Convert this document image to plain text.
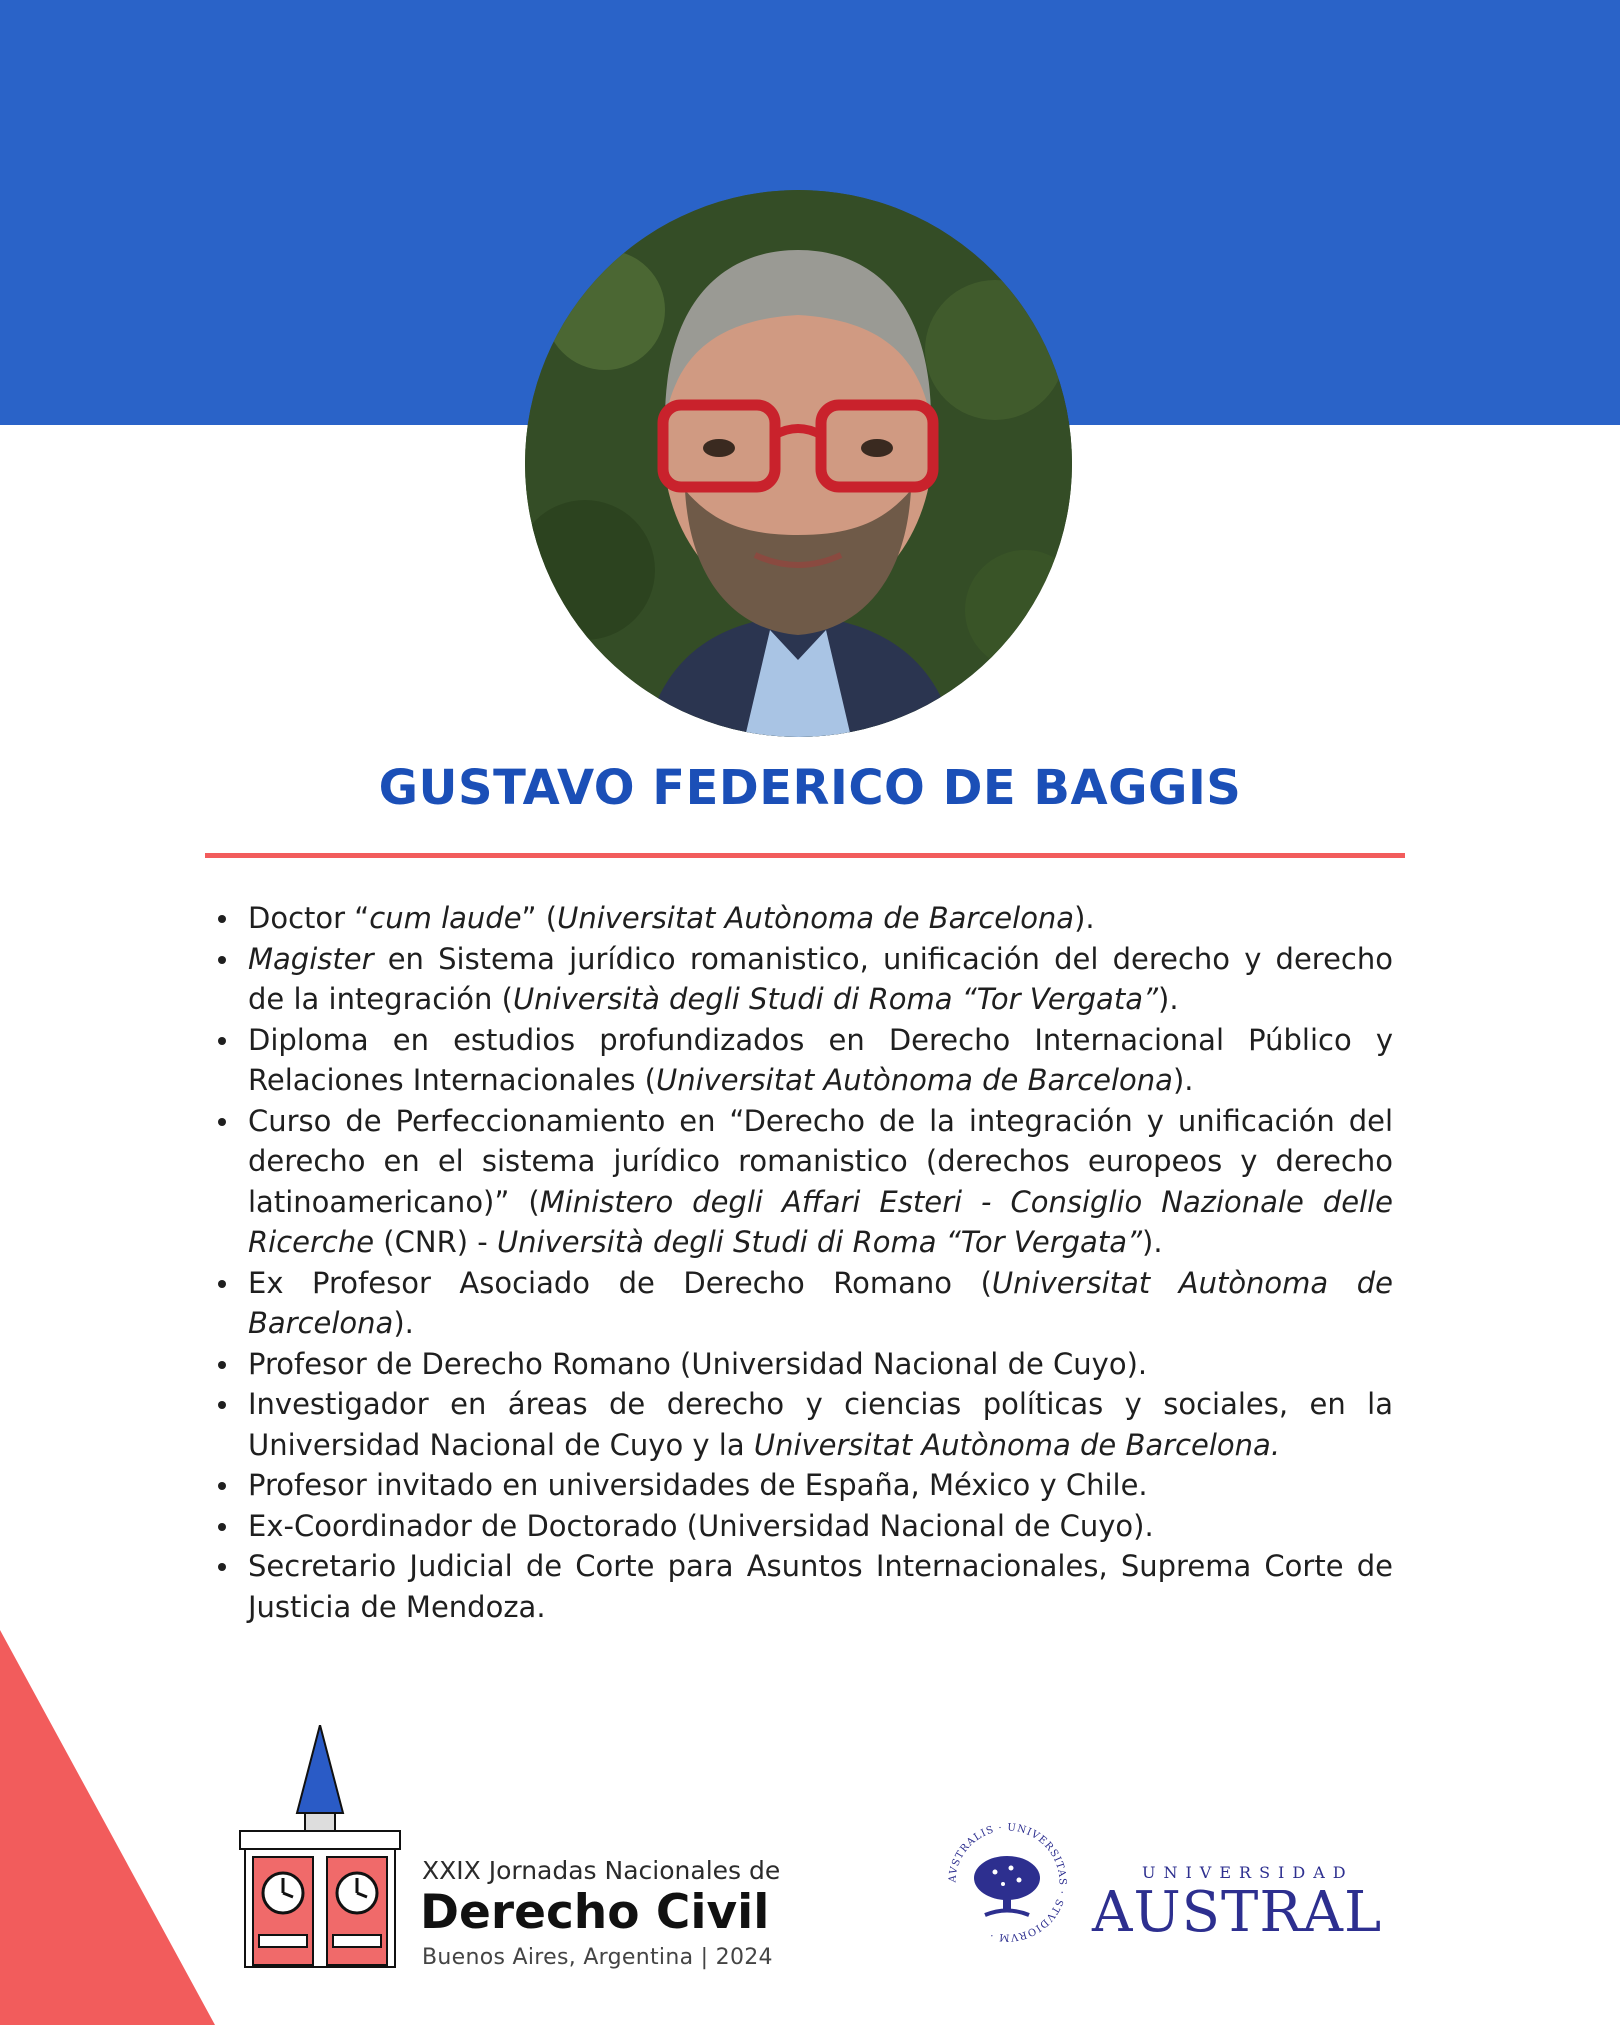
GUSTAVO FEDERICO DE BAGGIS
Doctor “cum laude” (Universitat Autònoma de Barcelona).
Magister en Sistema jurídico romanistico, unificación del derecho y derecho de la integración (Università degli Studi di Roma “Tor Vergata”).
Diploma en estudios profundizados en Derecho Internacional Público y Relaciones Internacionales (Universitat Autònoma de Barcelona).
Curso de Perfeccionamiento en “Derecho de la integración y unificación del derecho en el sistema jurídico romanistico (derechos europeos y derecho latinoamericano)” (Ministero degli Affari Esteri - Consiglio Nazionale delle Ricerche (CNR) - Università degli Studi di Roma “Tor Vergata”).
Ex Profesor Asociado de Derecho Romano (Universitat Autònoma de Barcelona).
Profesor de Derecho Romano (Universidad Nacional de Cuyo).
Investigador en áreas de derecho y ciencias políticas y sociales, en la Universidad Nacional de Cuyo y la Universitat Autònoma de Barcelona.
Profesor invitado en universidades de España, México y Chile.
Ex-Coordinador de Doctorado (Universidad Nacional de Cuyo).
Secretario Judicial de Corte para Asuntos Internacionales, Suprema Corte de Justicia de Mendoza.
XXIX Jornadas Nacionales de
Derecho Civil
Buenos Aires, Argentina | 2024
AVSTRALIS · UNIVERSITAS · STVDIORVM ·
UNIVERSIDAD
AUSTRAL
